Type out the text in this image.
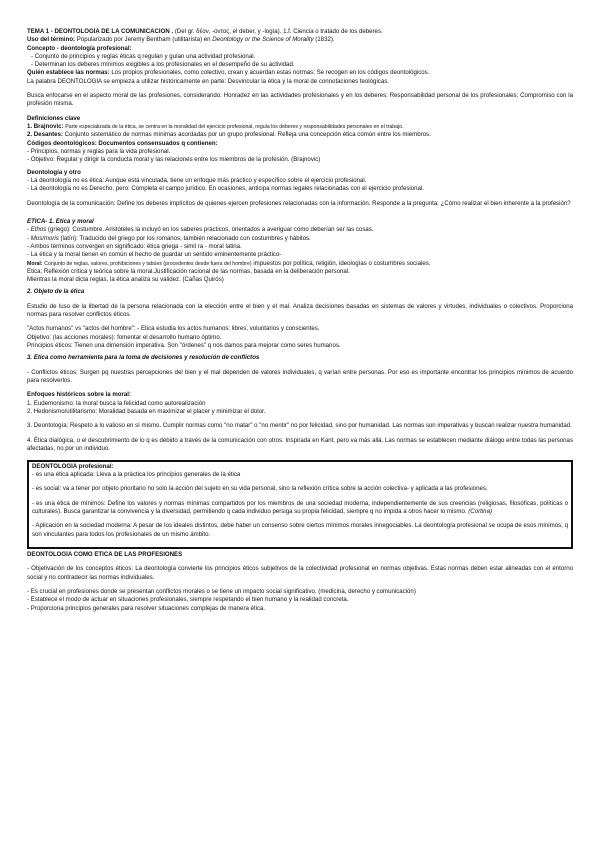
TEMA 1 - DEONTOLOGÍA DE LA COMUNICACIÓN . (Del gr. δέον, -οντος, el deber, y -logía). 1.f. Ciencia o tratado de los deberes.

Uso del término: Popularizado por Jeremy Bentham (utilitarista) en Deontology or the Science of Morality (1832).

Concepto - deontología profesional:

- Conjunto de principios y reglas éticas q regulan y guían una actividad profesional.

- Determinan los deberes mínimos exigibles a los profesionales en el desempeño de su actividad.

Quién establece las normas: Los propios profesionales, como colectivo, crean y acuerdan estas normas; Se recogen en los códigos deontológicos.

La palabra DEONTOLOGÍA se empieza a utilizar históricamente en parte: Desvincular la ética y la moral de connotaciones teológicas.

Busca enfocarse en el aspecto moral de las profesiones, considerando: Honradez en las actividades profesionales y en los deberes; Responsabilidad personal de los profesionales; Compromiso con la profesión misma.

Definiciones clave

1. Brajnovic: Parte especializada de la ética, se centra en la moralidad del ejercicio profesional, regula los deberes y responsabilidades personales en el trabajo.

2. Desantes: Conjunto sistemático de normas mínimas acordadas por un grupo profesional. Refleja una concepción ética común entre los miembros.

Códigos deontológicos: Documentos consensuados q contienen:

- Principios, normas y reglas para la vida profesional.

- Objetivo: Regular y dirigir la conducta moral y las relaciones entre los miembros de la profesión. (Brajnovic)

Deontología y otro

- La deontología no es ética: Aunque está vinculada, tiene un enfoque más práctico y específico sobre el ejercicio profesional.

- La deontología no es Derecho, pero: Completa el campo jurídico. En ocasiones, anticipa normas legales relacionadas con el ejercicio profesional.

Deontología de la comunicación: Define los deberes implícitos de quienes ejercen profesiones relacionadas con la información. Responde a la pregunta: ¿Cómo realizar el bien inherente a la profesión?

ÉTICA- 1. Ética y moral

- Ethos (griego): Costumbre. Aristóteles la incluyó en los saberes prácticos, orientados a averiguar cómo deberían ser las cosas.

- Mos/moris (latín): Traducido del griego por los romanos, también relacionado con costumbres y hábitos.

- Ambos términos convergen en significado: ética griega - simil ra - moral latina.

- La ética y la moral tienen en común el hecho de guardar un sentido eminentemente práctico-

Moral: Conjunto de reglas, valores, prohibiciones y tabúes (procedentes desde fuera del hombre) impuestos por política, religión, ideologías o costumbres sociales.

Ética: Reflexión crítica y teórica sobre la moral.Justificación racional de las normas, basada en la deliberación personal.

Mientras la moral dicta reglas, la ética analiza su validez. (Cañas Quirós)

2. Objeto de la ética

Estudio de luso de la libertad de la persona relacionada con la elección entre el bien y el mal. Analiza decisiones basadas en sistemas de valores y virtudes, individuales o colectivos. Proporciona normas para resolver conflictos éticos.

"Actos humanos" vs "actos del hombre": - Ética estudia los actos humanos: libres, voluntarios y conscientes.

Objetivo: (las acciones morales): fomentar el desarrollo humano óptimo.

Principios éticos: Tienen una dimensión imperativa. Son "órdenes" q nos damos para mejorar como seres humanos.

3. Ética como herramienta para la toma de decisiones y resolución de conflictos

- Conflictos éticos: Surgen pq nuestras percepciones del bien y el mal dependen de valores individuales, q varían entre personas. Por eso es importante encontrar los principios mínimos de acuerdo para resolverlos.

Enfoques históricos sobre la moral:

1. Eudemonismo: la moral busca la felicidad como autorealización

2. Hedonismo/utilitarismo: Moralidad basada en maximizar el placer y minimizar el dolor.

3. Deontología: Respeto a lo valioso en sí mismo. Cumplir normas como "no matar" o "no mentir" no por felicidad, sino por humanidad. Las normas son imperativas y buscan realizar nuestra humanidad.

4. Ética dialógica, o el descubrimiento de lo q es debido a través de la comunicación con otros. Inspirada en Kant, pero va más allá. Las normas se establecen mediante diálogo entre todas las personas afectadas, no por un individuo.

DEONTOLOGÍA profesional:

- es una ética aplicada: Lleva a la práctica los principios generales de la ética

- es social: va a tener por objeto prioritario no solo la acción del sujeto en su vida personal, sino la reflexión crítica sobre la acción colectiva- y aplicada a las profesiones.

- es una ética de mínimos: Define los valores y normas mínimas compartidos por los miembros de una sociedad moderna, independientemente de sus creencias (religiosas, filosóficas, políticas o culturales). Busca garantizar la convivencia y la diversidad, permitiendo q cada individuo persiga su propia felicidad, siempre q no impida a otros hacer lo mismo. (Cortina)

- Aplicación en la sociedad moderna: A pesar de los ideales distintos, debe haber un consenso sobre ciertos mínimos morales innegociables. La deontología profesional se ocupa de esos mínimos, q son vinculantes para todos los profesionales de un mismo ámbito.

DEONTOLOGÍA COMO ÉTICA DE LAS PROFESIONES

- Objetivación de los conceptos éticos: La deontología convierte los principios éticos subjetivos de la colectividad profesional en normas objetivas. Estas normas deben estar alineadas con el entorno social y no contradecir las normas individuales.

- Es crucial en profesiones donde se presentan conflictos morales o se tiene un impacto social significativo. (medicina, derecho y comunicación)

- Establece el modo de actuar en situaciones profesionales, siempre respetando el bien humano y la realidad concreta.

- Proporciona principios generales para resolver situaciones complejas de manera ética.
